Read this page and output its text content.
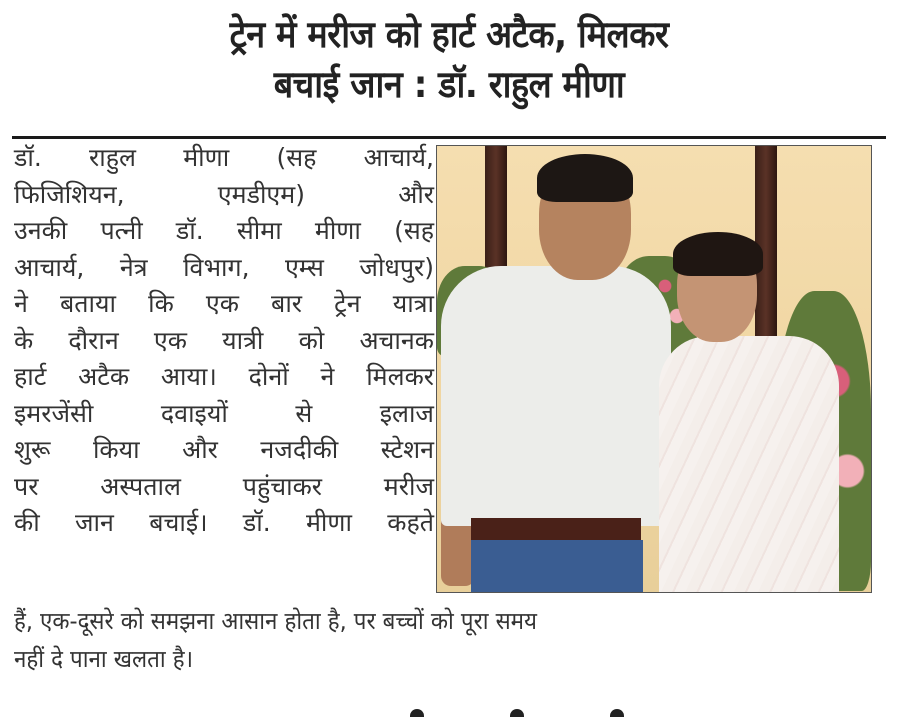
ट्रेन में मरीज को हार्ट अटैक, मिलकर
बचाई जान : डॉ. राहुल मीणा
डॉ. राहुल मीणा (सह आचार्य,
फिजिशियन, एमडीएम) और
उनकी पत्नी डॉ. सीमा मीणा (सह
आचार्य, नेत्र विभाग, एम्स जोधपुर)
ने बताया कि एक बार ट्रेन यात्रा
के दौरान एक यात्री को अचानक
हार्ट अटैक आया। दोनों ने मिलकर
इमरजेंसी दवाइयों से इलाज
शुरू किया और नजदीकी स्टेशन
पर अस्पताल पहुंचाकर मरीज
की जान बचाई। डॉ. मीणा कहते
हैं, एक-दूसरे को समझना आसान होता है, पर बच्चों को पूरा समय
नहीं दे पाना खलता है।
